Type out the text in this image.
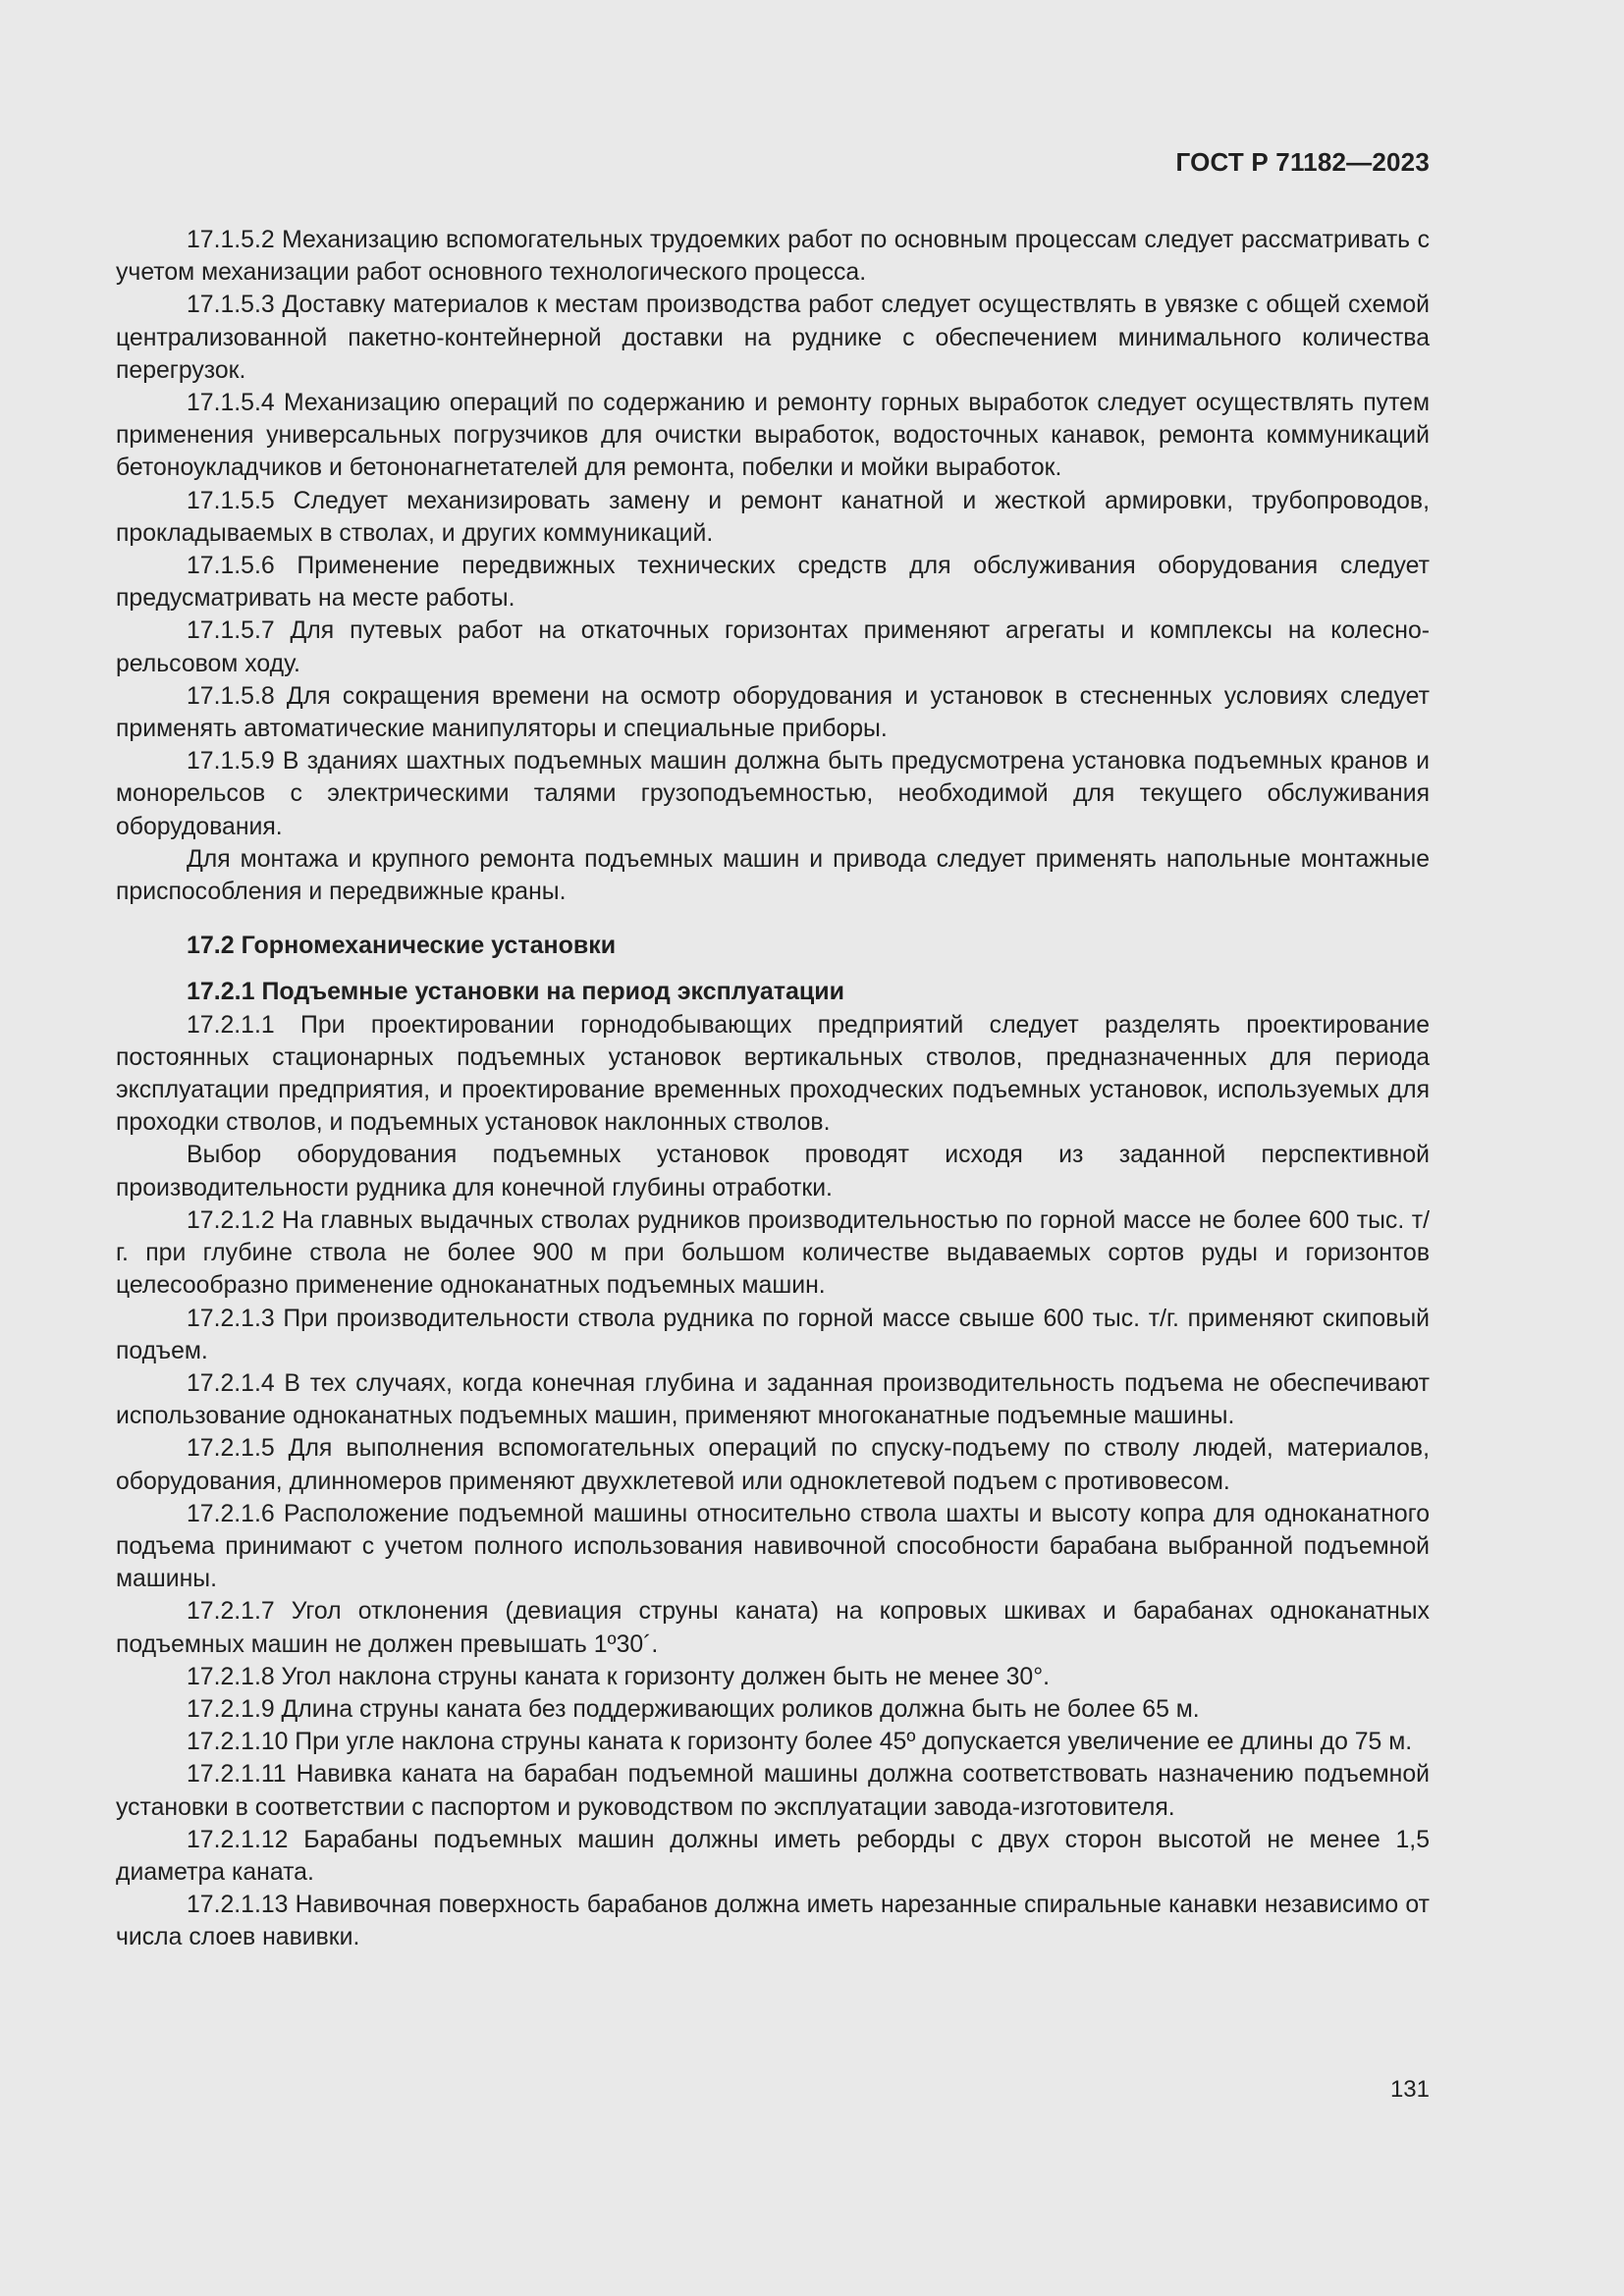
ГОСТ Р 71182—2023

17.1.5.2 Механизацию вспомогательных трудоемких работ по основным процессам следует рассматривать с учетом механизации работ основного технологического процесса.

17.1.5.3 Доставку материалов к местам производства работ следует осуществлять в увязке с общей схемой централизованной пакетно-контейнерной доставки на руднике с обеспечением минимального количества перегрузок.

17.1.5.4 Механизацию операций по содержанию и ремонту горных выработок следует осуществлять путем применения универсальных погрузчиков для очистки выработок, водосточных канавок, ремонта коммуникаций бетоноукладчиков и бетононагнетателей для ремонта, побелки и мойки выработок.

17.1.5.5 Следует механизировать замену и ремонт канатной и жесткой армировки, трубопроводов, прокладываемых в стволах, и других коммуникаций.

17.1.5.6 Применение передвижных технических средств для обслуживания оборудования следует предусматривать на месте работы.

17.1.5.7 Для путевых работ на откаточных горизонтах применяют агрегаты и комплексы на колесно-рельсовом ходу.

17.1.5.8 Для сокращения времени на осмотр оборудования и установок в стесненных условиях следует применять автоматические манипуляторы и специальные приборы.

17.1.5.9 В зданиях шахтных подъемных машин должна быть предусмотрена установка подъемных кранов и монорельсов с электрическими талями грузоподъемностью, необходимой для текущего обслуживания оборудования.

Для монтажа и крупного ремонта подъемных машин и привода следует применять напольные монтажные приспособления и передвижные краны.

17.2 Горномеханические установки
17.2.1 Подъемные установки на период эксплуатации

17.2.1.1 При проектировании горнодобывающих предприятий следует разделять проектирование постоянных стационарных подъемных установок вертикальных стволов, предназначенных для периода эксплуатации предприятия, и проектирование временных проходческих подъемных установок, используемых для проходки стволов, и подъемных установок наклонных стволов.

Выбор оборудования подъемных установок проводят исходя из заданной перспективной производительности рудника для конечной глубины отработки.

17.2.1.2 На главных выдачных стволах рудников производительностью по горной массе не более 600 тыс. т/г. при глубине ствола не более 900 м при большом количестве выдаваемых сортов руды и горизонтов целесообразно применение одноканатных подъемных машин.

17.2.1.3 При производительности ствола рудника по горной массе свыше 600 тыс. т/г. применяют скиповый подъем.

17.2.1.4 В тех случаях, когда конечная глубина и заданная производительность подъема не обеспечивают использование одноканатных подъемных машин, применяют многоканатные подъемные машины.

17.2.1.5 Для выполнения вспомогательных операций по спуску-подъему по стволу людей, материалов, оборудования, длинномеров применяют двухклетевой или одноклетевой подъем с противовесом.

17.2.1.6 Расположение подъемной машины относительно ствола шахты и высоту копра для одноканатного подъема принимают с учетом полного использования навивочной способности барабана выбранной подъемной машины.

17.2.1.7 Угол отклонения (девиация струны каната) на копровых шкивах и барабанах одноканатных подъемных машин не должен превышать 1º30´.

17.2.1.8 Угол наклона струны каната к горизонту должен быть не менее 30°.

17.2.1.9 Длина струны каната без поддерживающих роликов должна быть не более 65 м.

17.2.1.10 При угле наклона струны каната к горизонту более 45º допускается увеличение ее длины до 75 м.

17.2.1.11 Навивка каната на барабан подъемной машины должна соответствовать назначению подъемной установки в соответствии с паспортом и руководством по эксплуатации завода-изготовителя.

17.2.1.12 Барабаны подъемных машин должны иметь реборды с двух сторон высотой не менее 1,5 диаметра каната.

17.2.1.13 Навивочная поверхность барабанов должна иметь нарезанные спиральные канавки независимо от числа слоев навивки.

131
